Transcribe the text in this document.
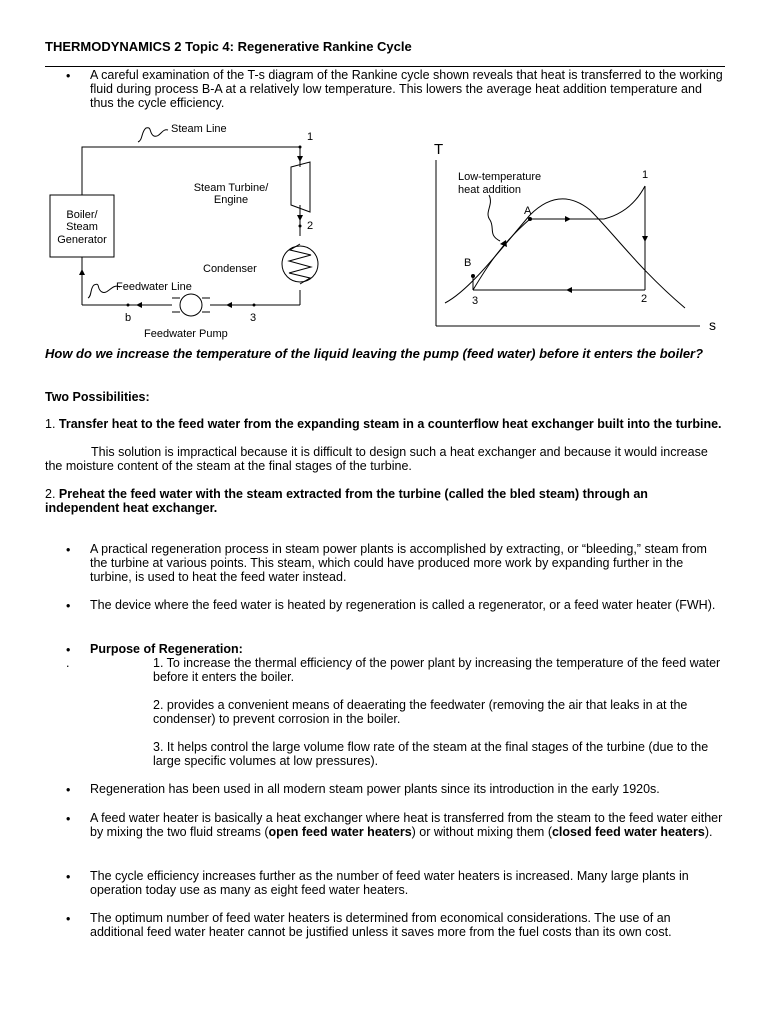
THERMODYNAMICS 2 Topic 4: Regenerative Rankine Cycle
• A careful examination of the T-s diagram of the Rankine cycle shown reveals that heat is transferred to the working fluid during process B-A at a relatively low temperature. This lowers the average heat addition temperature and thus the cycle efficiency.
Steam Line
1
Steam Turbine/
Engine
2
Boiler/
Steam
Generator
Condenser
Feedwater Line
b	3
Feedwater Pump
T
s
Low-temperature
heat addition
1
A
B
3	2
How do we increase the temperature of the liquid leaving the pump (feed water) before it enters the boiler?
Two Possibilities:
1. Transfer heat to the feed water from the expanding steam in a counterflow heat exchanger built into the turbine.
This solution is impractical because it is difficult to design such a heat exchanger and because it would increase the moisture content of the steam at the final stages of the turbine.
2. Preheat the feed water with the steam extracted from the turbine (called the bled steam) through an independent heat exchanger.
• A practical regeneration process in steam power plants is accomplished by extracting, or “bleeding,” steam from the turbine at various points. This steam, which could have produced more work by expanding further in the turbine, is used to heat the feed water instead.
• The device where the feed water is heated by regeneration is called a regenerator, or a feed water heater (FWH).
• Purpose of Regeneration:
.	1. To increase the thermal efficiency of the power plant by increasing the temperature of the feed water before it enters the boiler.
2. provides a convenient means of deaerating the feedwater (removing the air that leaks in at the condenser) to prevent corrosion in the boiler.
3. It helps control the large volume flow rate of the steam at the final stages of the turbine (due to the large specific volumes at low pressures).
• Regeneration has been used in all modern steam power plants since its introduction in the early 1920s.
• A feed water heater is basically a heat exchanger where heat is transferred from the steam to the feed water either by mixing the two fluid streams (open feed water heaters) or without mixing them (closed feed water heaters).
• The cycle efficiency increases further as the number of feed water heaters is increased. Many large plants in operation today use as many as eight feed water heaters.
• The optimum number of feed water heaters is determined from economical considerations. The use of an additional feed water heater cannot be justified unless it saves more from the fuel costs than its own cost.
